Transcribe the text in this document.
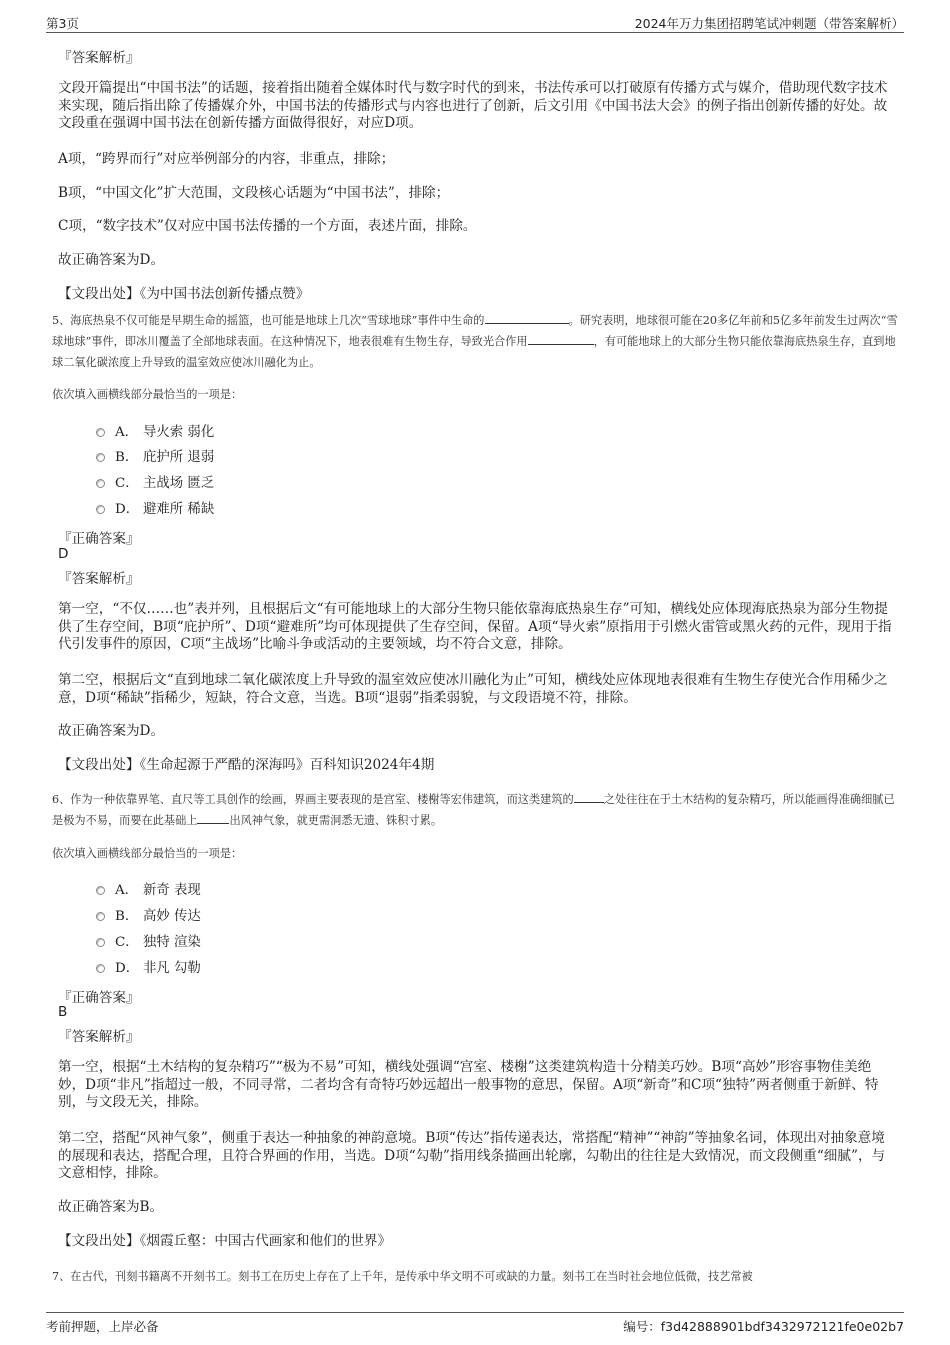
第3页	2024年万力集团招聘笔试冲刺题（带答案解析）
『答案解析』

文段开篇提出“中国书法”的话题，接着指出随着全媒体时代与数字时代的到来，书法传承可以打破原有传播方式与媒介，借助现代数字技术来实现，随后指出除了传播媒介外，中国书法的传播形式与内容也进行了创新，后文引用《中国书法大会》的例子指出创新传播的好处。故文段重在强调中国书法在创新传播方面做得很好，对应D项。

A项，“跨界而行”对应举例部分的内容，非重点，排除；

B项，“中国文化”扩大范围，文段核心话题为“中国书法”，排除；

C项，“数字技术”仅对应中国书法传播的一个方面，表述片面，排除。

故正确答案为D。

【文段出处】《为中国书法创新传播点赞》

5、海底热泉不仅可能是早期生命的摇篮，也可能是地球上几次“雪球地球”事件中生命的	。研究表明，地球很可能在20多亿年前和5亿多年前发生过两次“雪球地球”事件，即冰川覆盖了全部地球表面。在这种情况下，地表很难有生物生存，导致光合作用	，有可能地球上的大部分生物只能依靠海底热泉生存，直到地球二氧化碳浓度上升导致的温室效应使冰川融化为止。

依次填入画横线部分最恰当的一项是：

A． 导火索 弱化
B． 庇护所 退弱
C． 主战场 匮乏
D． 避难所 稀缺
『正确答案』
D
『答案解析』

第一空，“不仅……也”表并列，且根据后文“有可能地球上的大部分生物只能依靠海底热泉生存”可知，横线处应体现海底热泉为部分生物提供了生存空间，B项“庇护所”、D项“避难所”均可体现提供了生存空间，保留。A项“导火索”原指用于引燃火雷管或黑火药的元件，现用于指代引发事件的原因，C项“主战场”比喻斗争或活动的主要领域，均不符合文意，排除。

第二空，根据后文“直到地球二氧化碳浓度上升导致的温室效应使冰川融化为止”可知，横线处应体现地表很难有生物生存使光合作用稀少之意，D项“稀缺”指稀少，短缺，符合文意，当选。B项“退弱”指柔弱貌，与文段语境不符，排除。

故正确答案为D。

【文段出处】《生命起源于严酷的深海吗》百科知识2024年4期

6、作为一种依靠界笔、直尺等工具创作的绘画，界画主要表现的是宫室、楼榭等宏伟建筑，而这类建筑的	之处往往在于土木结构的复杂精巧，所以能画得准确细腻已是极为不易，而要在此基础上	出风神气象，就更需洞悉无遗、铢积寸累。

依次填入画横线部分最恰当的一项是：

A． 新奇 表现
B． 高妙 传达
C． 独特 渲染
D． 非凡 勾勒
『正确答案』
B
『答案解析』

第一空，根据“土木结构的复杂精巧”“极为不易”可知，横线处强调“宫室、楼榭”这类建筑构造十分精美巧妙。B项“高妙”形容事物佳美绝妙，D项“非凡”指超过一般，不同寻常，二者均含有奇特巧妙远超出一般事物的意思，保留。A项“新奇”和C项“独特”两者侧重于新鲜、特别，与文段无关，排除。

第二空，搭配“风神气象”，侧重于表达一种抽象的神韵意境。B项“传达”指传递表达，常搭配“精神”“神韵”等抽象名词，体现出对抽象意境的展现和表达，搭配合理，且符合界画的作用，当选。D项“勾勒”指用线条描画出轮廓，勾勒出的往往是大致情况，而文段侧重“细腻”，与文意相悖，排除。

故正确答案为B。

【文段出处】《烟霞丘壑：中国古代画家和他们的世界》

7、在古代，刊刻书籍离不开刻书工。刻书工在历史上存在了上千年，是传承中华文明不可或缺的力量。刻书工在当时社会地位低微，技艺常被

考前押题，上岸必备	编号：f3d42888901bdf3432972121fe0e02b7
